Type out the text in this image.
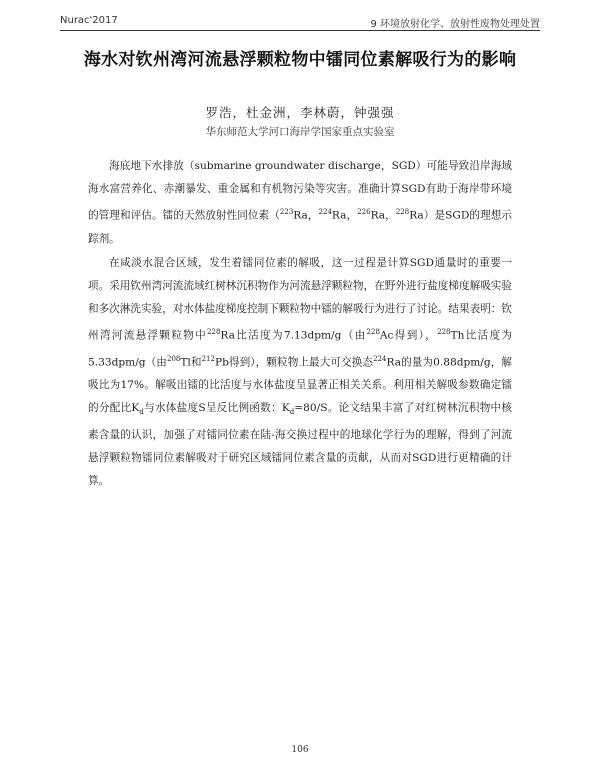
Nurac'2017	9 环境放射化学、放射性废物处理处置
海水对钦州湾河流悬浮颗粒物中镭同位素解吸行为的影响
罗浩，杜金洲，李林蔚，钟强强
华东师范大学河口海岸学国家重点实验室

海底地下水排放（submarine groundwater discharge，SGD）可能导致沿岸海域海水富营养化、赤潮暴发、重金属和有机物污染等灾害。准确计算SGD有助于海岸带环境的管理和评估。镭的天然放射性同位素（$^{223}$Ra，$^{224}$Ra，$^{226}$Ra，$^{228}$Ra）是SGD的理想示踪剂。

在咸淡水混合区域，发生着镭同位素的解吸，这一过程是计算SGD通量时的重要一项。采用钦州湾河流流域红树林沉积物作为河流悬浮颗粒物，在野外进行盐度梯度解吸实验和多次淋洗实验，对水体盐度梯度控制下颗粒物中镭的解吸行为进行了讨论。结果表明：钦州湾河流悬浮颗粒物中$^{228}$Ra比活度为7.13dpm/g（由$^{228}$Ac得到），$^{228}$Th比活度为5.33dpm/g（由$^{208}$Tl和$^{212}$Pb得到），颗粒物上最大可交换态$^{224}$Ra的量为0.88dpm/g，解吸比为17%。解吸出镭的比活度与水体盐度呈显著正相关关系。利用相关解吸参数确定镭的分配比$K_d$与水体盐度S呈反比例函数：$K_d=80/S$。论文结果丰富了对红树林沉积物中核素含量的认识，加强了对镭同位素在陆-海交换过程中的地球化学行为的理解，得到了河流悬浮颗粒物镭同位素解吸对于研究区域镭同位素含量的贡献，从而对SGD进行更精确的计算。

106
